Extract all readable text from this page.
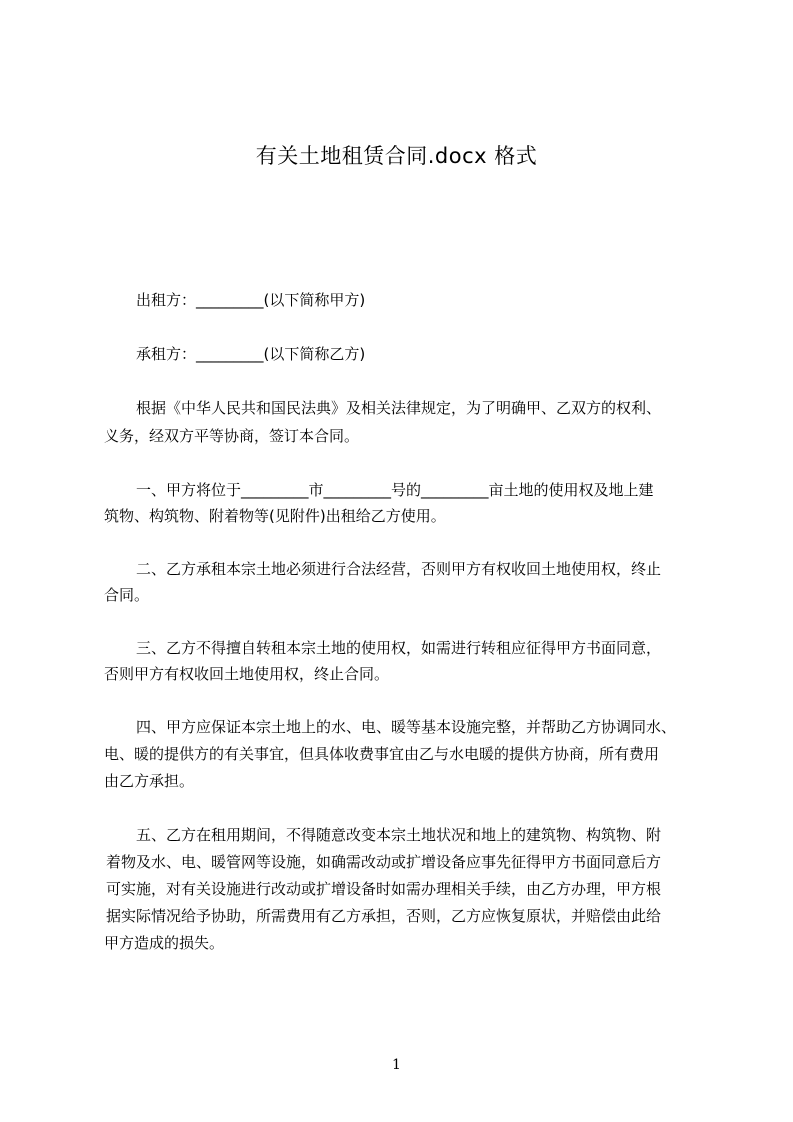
有关土地租赁合同.docx 格式
出租方：_________(以下简称甲方)
承租方：_________(以下简称乙方)
根据《中华人民共和国民法典》及相关法律规定，为了明确甲、乙双方的权利、
义务，经双方平等协商，签订本合同。
一、甲方将位于_________市_________号的_________亩土地的使用权及地上建
筑物、构筑物、附着物等(见附件)出租给乙方使用。
二、乙方承租本宗土地必须进行合法经营，否则甲方有权收回土地使用权，终止
合同。
三、乙方不得擅自转租本宗土地的使用权，如需进行转租应征得甲方书面同意，
否则甲方有权收回土地使用权，终止合同。
四、甲方应保证本宗土地上的水、电、暖等基本设施完整，并帮助乙方协调同水、
电、暖的提供方的有关事宜，但具体收费事宜由乙与水电暖的提供方协商，所有费用
由乙方承担。
五、乙方在租用期间，不得随意改变本宗土地状况和地上的建筑物、构筑物、附
着物及水、电、暖管网等设施，如确需改动或扩增设备应事先征得甲方书面同意后方
可实施，对有关设施进行改动或扩增设备时如需办理相关手续，由乙方办理，甲方根
据实际情况给予协助，所需费用有乙方承担，否则，乙方应恢复原状，并赔偿由此给
甲方造成的损失。
1
